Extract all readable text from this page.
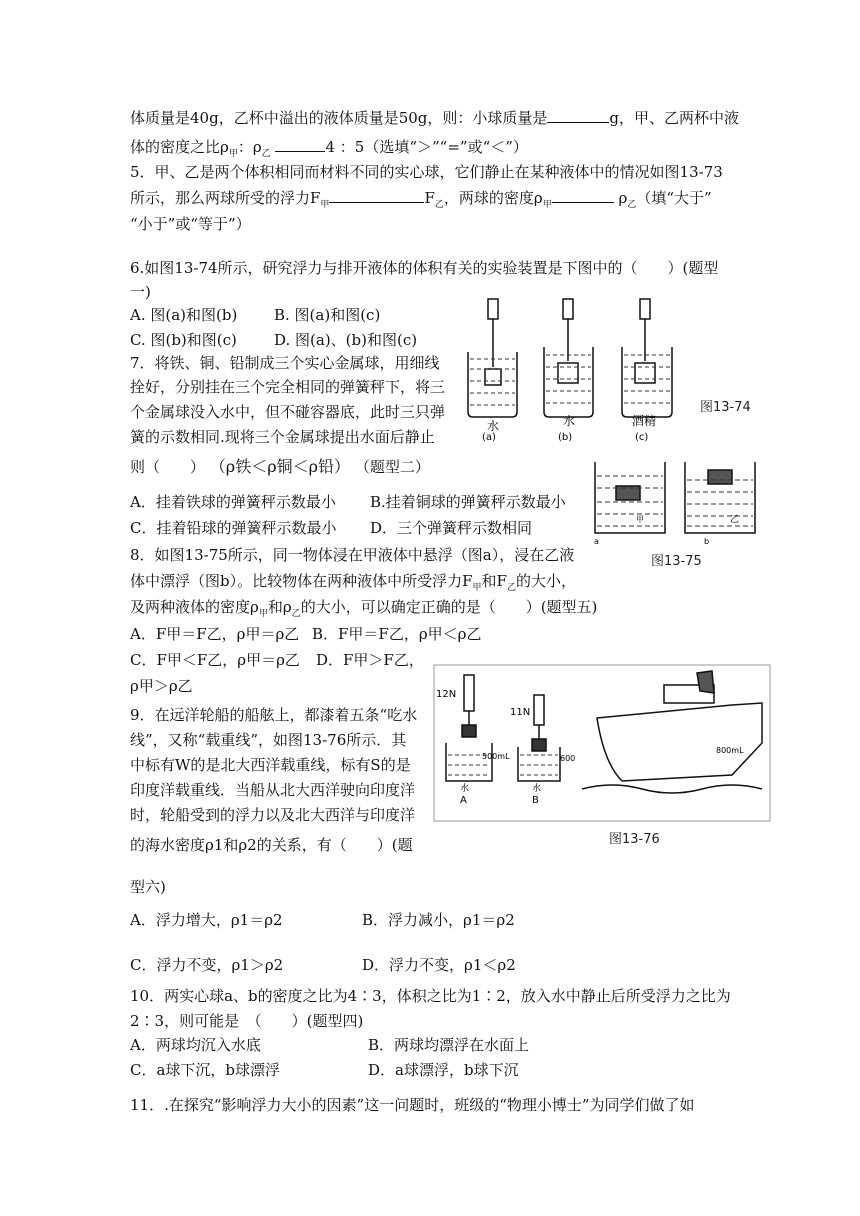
体质量是40g，乙杯中溢出的液体质量是50g，则：小球质量是	g，甲、乙两杯中液
体的密度之比$\rho_甲$：$\rho_乙$	4 ：5（选填“＞”“=”或“＜”）
5．甲、乙是两个体积相同而材料不同的实心球，它们静止在某种液体中的情况如图13-73
所示，那么两球所受的浮力$F_甲$	$F_乙$，两球的密度$\rho_甲$	$\rho_乙$（填“大于”
“小于”或“等于”）
6.如图13-74所示，研究浮力与排开液体的体积有关的实验装置是下图中的（　　）(题型
一)
A. 图(a)和图(b) B. 图(a)和图(c)
C. 图(b)和图(c) D. 图(a)、(b)和图(c)
水	水	酒精
(a)	(b)	(c)
图13-74
7．将铁、铜、铅制成三个实心金属球，用细线
拴好，分别挂在三个完全相同的弹簧秤下，将三
个金属球没入水中，但不碰容器底，此时三只弹
簧的示数相同.现将三个金属球提出水面后静止
则（　　） （ρ铁＜ρ铜＜ρ铅） （题型二）
A．挂着铁球的弹簧秤示数最小 B.挂着铜球的弹簧秤示数最小
C．挂着铅球的弹簧秤示数最小 D．三个弹簧秤示数相同	甲	乙
a	b
图13-75
8．如图13-75所示，同一物体浸在甲液体中悬浮（图a），浸在乙液
体中漂浮（图b）。比较物体在两种液体中所受浮力$F_甲$和$F_乙$的大小，
及两种液体的密度$\rho_甲$和$\rho_乙$的大小，可以确定正确的是（　　）(题型五)
A．F甲＝F乙，ρ甲＝ρ乙 B．F甲＝F乙，ρ甲＜ρ乙
C．F甲＜F乙，ρ甲＝ρ乙 D．F甲＞F乙，
ρ甲＞ρ乙	12N
11N
500mL	600
800mL
水	水
A	B
图13-76
9．在远洋轮船的船舷上，都漆着五条“吃水
线”，又称“载重线”，如图13-76所示．其
中标有W的是北大西洋载重线，标有S的是
印度洋载重线．当船从北大西洋驶向印度洋
时，轮船受到的浮力以及北大西洋与印度洋
的海水密度ρ1和ρ2的关系，有（　　）(题
型六)
A．浮力增大，ρ1＝ρ2	B．浮力减小，ρ1＝ρ2
C．浮力不变，ρ1＞ρ2	D．浮力不变，ρ1＜ρ2
10．两实心球a、b的密度之比为4∶3，体积之比为1∶2，放入水中静止后所受浮力之比为
2∶3，则可能是　（　　）(题型四)
A．两球均沉入水底	B．两球均漂浮在水面上
C．a球下沉，b球漂浮	D．a球漂浮，b球下沉
11．.在探究“影响浮力大小的因素”这一问题时，班级的“物理小博士”为同学们做了如
